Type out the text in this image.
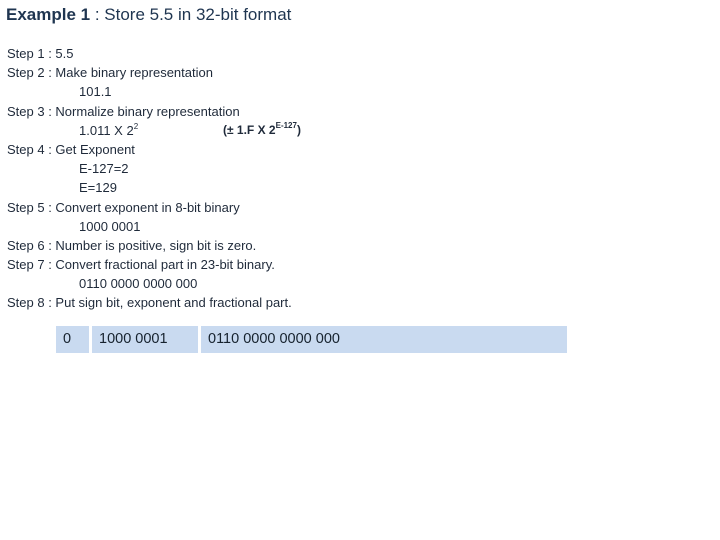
Example 1 : Store 5.5 in 32-bit format
Step 1 : 5.5
Step 2 : Make binary representation
101.1
Step 3 : Normalize binary representation
1.011 X $2^2$	(± 1.F X $2^{E-127}$)
Step 4 : Get Exponent
E-127=2
E=129
Step 5 : Convert exponent in 8-bit binary
1000 0001
Step 6 : Number is positive, sign bit is zero.
Step 7 : Convert fractional part in 23-bit binary.
0110 0000 0000 000
Step 8 : Put sign bit, exponent and fractional part.
0	1000 0001	0110 0000 0000 000
